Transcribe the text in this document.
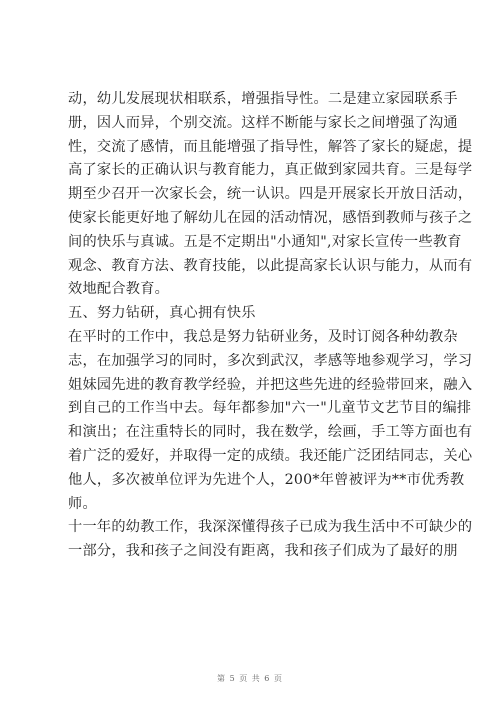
动，幼儿发展现状相联系，增强指导性。二是建立家园联系手
册，因人而异，个别交流。这样不断能与家长之间增强了沟通
性，交流了感情，而且能增强了指导性，解答了家长的疑虑，提
高了家长的正确认识与教育能力，真正做到家园共育。三是每学
期至少召开一次家长会，统一认识。四是开展家长开放日活动，
使家长能更好地了解幼儿在园的活动情况，感悟到教师与孩子之
间的快乐与真诚。五是不定期出"小通知",对家长宣传一些教育
观念、教育方法、教育技能，以此提高家长认识与能力，从而有
效地配合教育。
五、努力钻研，真心拥有快乐
在平时的工作中，我总是努力钻研业务，及时订阅各种幼教杂
志，在加强学习的同时，多次到武汉，孝感等地参观学习，学习
姐妹园先进的教育教学经验，并把这些先进的经验带回来，融入
到自己的工作当中去。每年都参加"六一"儿童节文艺节目的编排
和演出；在注重特长的同时，我在数学，绘画，手工等方面也有
着广泛的爱好，并取得一定的成绩。我还能广泛团结同志，关心
他人，多次被单位评为先进个人，200*年曾被评为**市优秀教
师。
十一年的幼教工作，我深深懂得孩子已成为我生活中不可缺少的
一部分，我和孩子之间没有距离，我和孩子们成为了最好的朋
第 5 页 共 6 页
